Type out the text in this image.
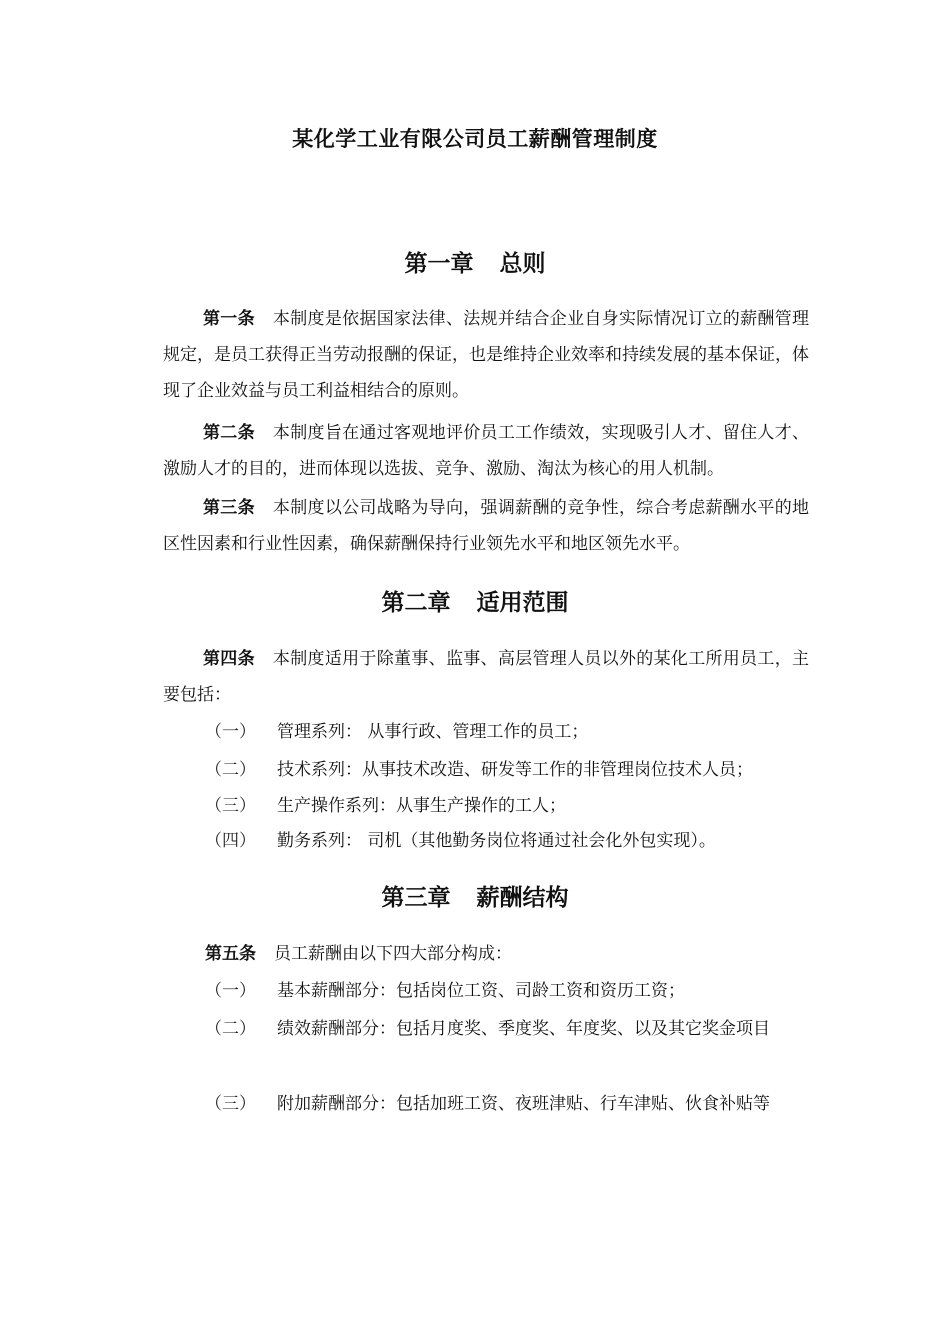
某化学工业有限公司员工薪酬管理制度
第一章 总则

第一条 本制度是依据国家法律、法规并结合企业自身实际情况订立的薪酬管理规定，是员工获得正当劳动报酬的保证，也是维持企业效率和持续发展的基本保证，体现了企业效益与员工利益相结合的原则。

第二条 本制度旨在通过客观地评价员工工作绩效，实现吸引人才、留住人才、激励人才的目的，进而体现以选拔、竞争、激励、淘汰为核心的用人机制。

第三条 本制度以公司战略为导向，强调薪酬的竞争性，综合考虑薪酬水平的地区性因素和行业性因素，确保薪酬保持行业领先水平和地区领先水平。

第二章 适用范围

第四条 本制度适用于除董事、监事、高层管理人员以外的某化工所用员工，主要包括：

（一） 管理系列： 从事行政、管理工作的员工；
（二） 技术系列：从事技术改造、研发等工作的非管理岗位技术人员；
（三） 生产操作系列：从事生产操作的工人；
（四） 勤务系列： 司机（其他勤务岗位将通过社会化外包实现）。
第三章 薪酬结构
第五条 员工薪酬由以下四大部分构成：
（一） 基本薪酬部分：包括岗位工资、司龄工资和资历工资；
（二） 绩效薪酬部分：包括月度奖、季度奖、年度奖、以及其它奖金项目
（三） 附加薪酬部分：包括加班工资、夜班津贴、行车津贴、伙食补贴等
